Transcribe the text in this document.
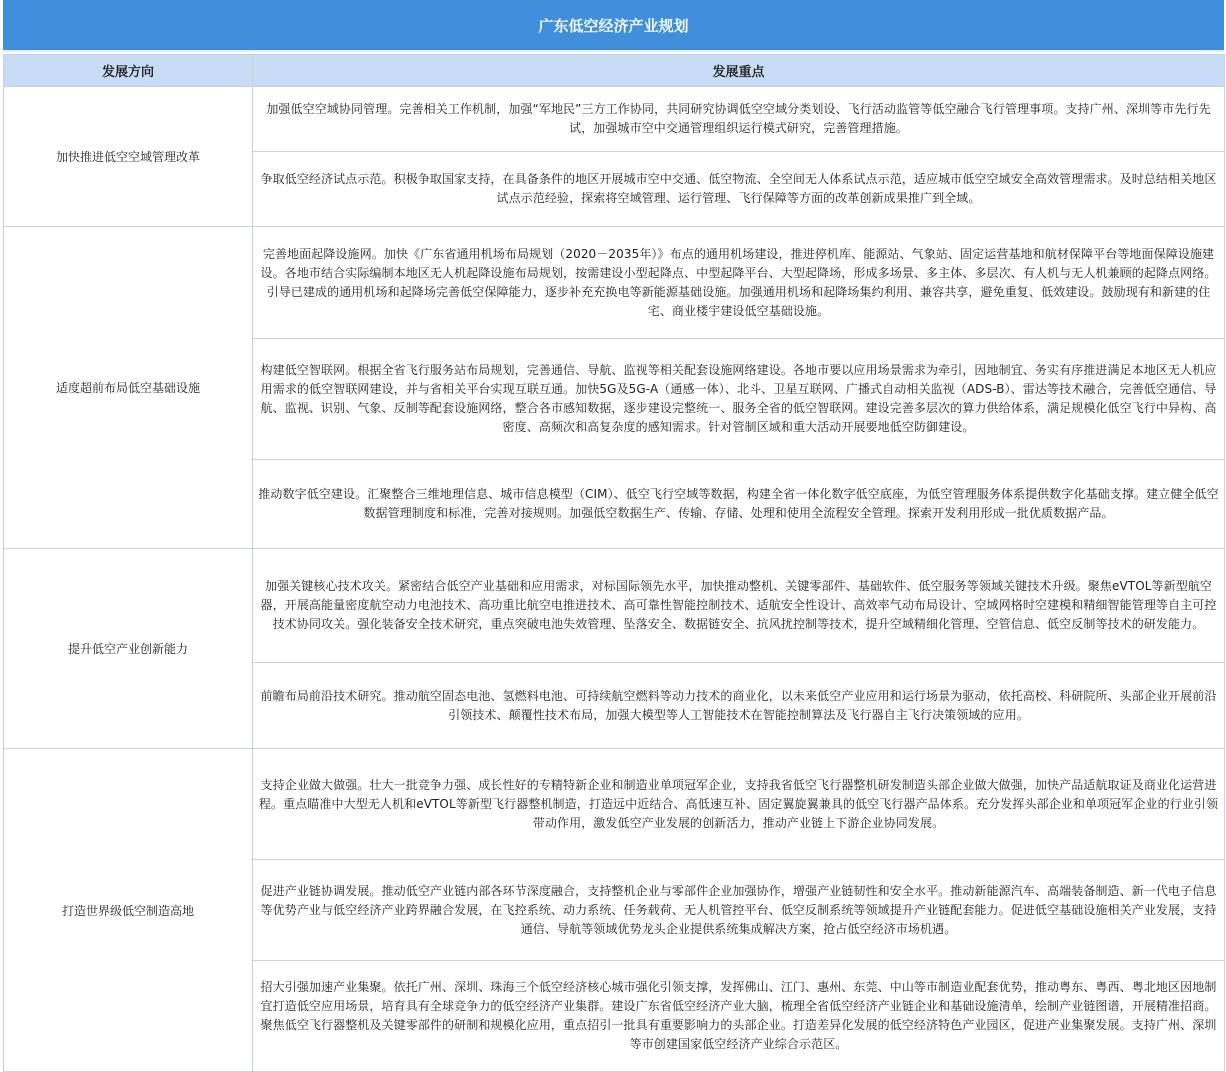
广东低空经济产业规划
发展方向	发展重点
加快推进低空空域管理改革	加强低空空域协同管理。完善相关工作机制，加强“军地民”三方工作协同，共同研究协调低空空域分类划设、飞行活动监管等低空融合飞行管理事项。支持广州、深圳等市先行先试，加强城市空中交通管理组织运行模式研究，完善管理措施。
	争取低空经济试点示范。积极争取国家支持，在具备条件的地区开展城市空中交通、低空物流、全空间无人体系试点示范，适应城市低空空域安全高效管理需求。及时总结相关地区试点示范经验，探索将空域管理、运行管理、飞行保障等方面的改革创新成果推广到全域。
适度超前布局低空基础设施	完善地面起降设施网。加快《广东省通用机场布局规划（2020－2035年）》布点的通用机场建设，推进停机库、能源站、气象站、固定运营基地和航材保障平台等地面保障设施建设。各地市结合实际编制本地区无人机起降设施布局规划，按需建设小型起降点、中型起降平台、大型起降场，形成多场景、多主体、多层次、有人机与无人机兼顾的起降点网络。引导已建成的通用机场和起降场完善低空保障能力，逐步补充充换电等新能源基础设施。加强通用机场和起降场集约利用、兼容共享，避免重复、低效建设。鼓励现有和新建的住宅、商业楼宇建设低空基础设施。
	构建低空智联网。根据全省飞行服务站布局规划，完善通信、导航、监视等相关配套设施网络建设。各地市要以应用场景需求为牵引，因地制宜、务实有序推进满足本地区无人机应用需求的低空智联网建设，并与省相关平台实现互联互通。加快5G及5G-A（通感一体）、北斗、卫星互联网、广播式自动相关监视（ADS-B）、雷达等技术融合，完善低空通信、导航、监视、识别、气象、反制等配套设施网络，整合各市感知数据，逐步建设完整统一、服务全省的低空智联网。建设完善多层次的算力供给体系，满足规模化低空飞行中异构、高密度、高频次和高复杂度的感知需求。针对管制区域和重大活动开展要地低空防御建设。
	推动数字低空建设。汇聚整合三维地理信息、城市信息模型（CIM）、低空飞行空域等数据，构建全省一体化数字低空底座，为低空管理服务体系提供数字化基础支撑。建立健全低空数据管理制度和标准，完善对接规则。加强低空数据生产、传输、存储、处理和使用全流程安全管理。探索开发利用形成一批优质数据产品。
提升低空产业创新能力	加强关键核心技术攻关。紧密结合低空产业基础和应用需求，对标国际领先水平，加快推动整机、关键零部件、基础软件、低空服务等领域关键技术升级。聚焦eVTOL等新型航空器，开展高能量密度航空动力电池技术、高功重比航空电推进技术、高可靠性智能控制技术、适航安全性设计、高效率气动布局设计、空域网格时空建模和精细智能管理等自主可控技术协同攻关。强化装备安全技术研究，重点突破电池失效管理、坠落安全、数据链安全、抗风扰控制等技术，提升空域精细化管理、空管信息、低空反制等技术的研发能力。
	前瞻布局前沿技术研究。推动航空固态电池、氢燃料电池、可持续航空燃料等动力技术的商业化，以未来低空产业应用和运行场景为驱动，依托高校、科研院所、头部企业开展前沿引领技术、颠覆性技术布局，加强大模型等人工智能技术在智能控制算法及飞行器自主飞行决策领域的应用。
打造世界级低空制造高地	支持企业做大做强。壮大一批竞争力强、成长性好的专精特新企业和制造业单项冠军企业，支持我省低空飞行器整机研发制造头部企业做大做强，加快产品适航取证及商业化运营进程。重点瞄准中大型无人机和eVTOL等新型飞行器整机制造，打造远中近结合、高低速互补、固定翼旋翼兼具的低空飞行器产品体系。充分发挥头部企业和单项冠军企业的行业引领带动作用，激发低空产业发展的创新活力，推动产业链上下游企业协同发展。
	促进产业链协调发展。推动低空产业链内部各环节深度融合，支持整机企业与零部件企业加强协作，增强产业链韧性和安全水平。推动新能源汽车、高端装备制造、新一代电子信息等优势产业与低空经济产业跨界融合发展，在飞控系统、动力系统、任务载荷、无人机管控平台、低空反制系统等领域提升产业链配套能力。促进低空基础设施相关产业发展，支持通信、导航等领域优势龙头企业提供系统集成解决方案，抢占低空经济市场机遇。
	招大引强加速产业集聚。依托广州、深圳、珠海三个低空经济核心城市强化引领支撑，发挥佛山、江门、惠州、东莞、中山等市制造业配套优势，推动粤东、粤西、粤北地区因地制宜打造低空应用场景，培育具有全球竞争力的低空经济产业集群。建设广东省低空经济产业大脑，梳理全省低空经济产业链企业和基础设施清单，绘制产业链图谱，开展精准招商。聚焦低空飞行器整机及关键零部件的研制和规模化应用，重点招引一批具有重要影响力的头部企业。打造差异化发展的低空经济特色产业园区，促进产业集聚发展。支持广州、深圳等市创建国家低空经济产业综合示范区。
